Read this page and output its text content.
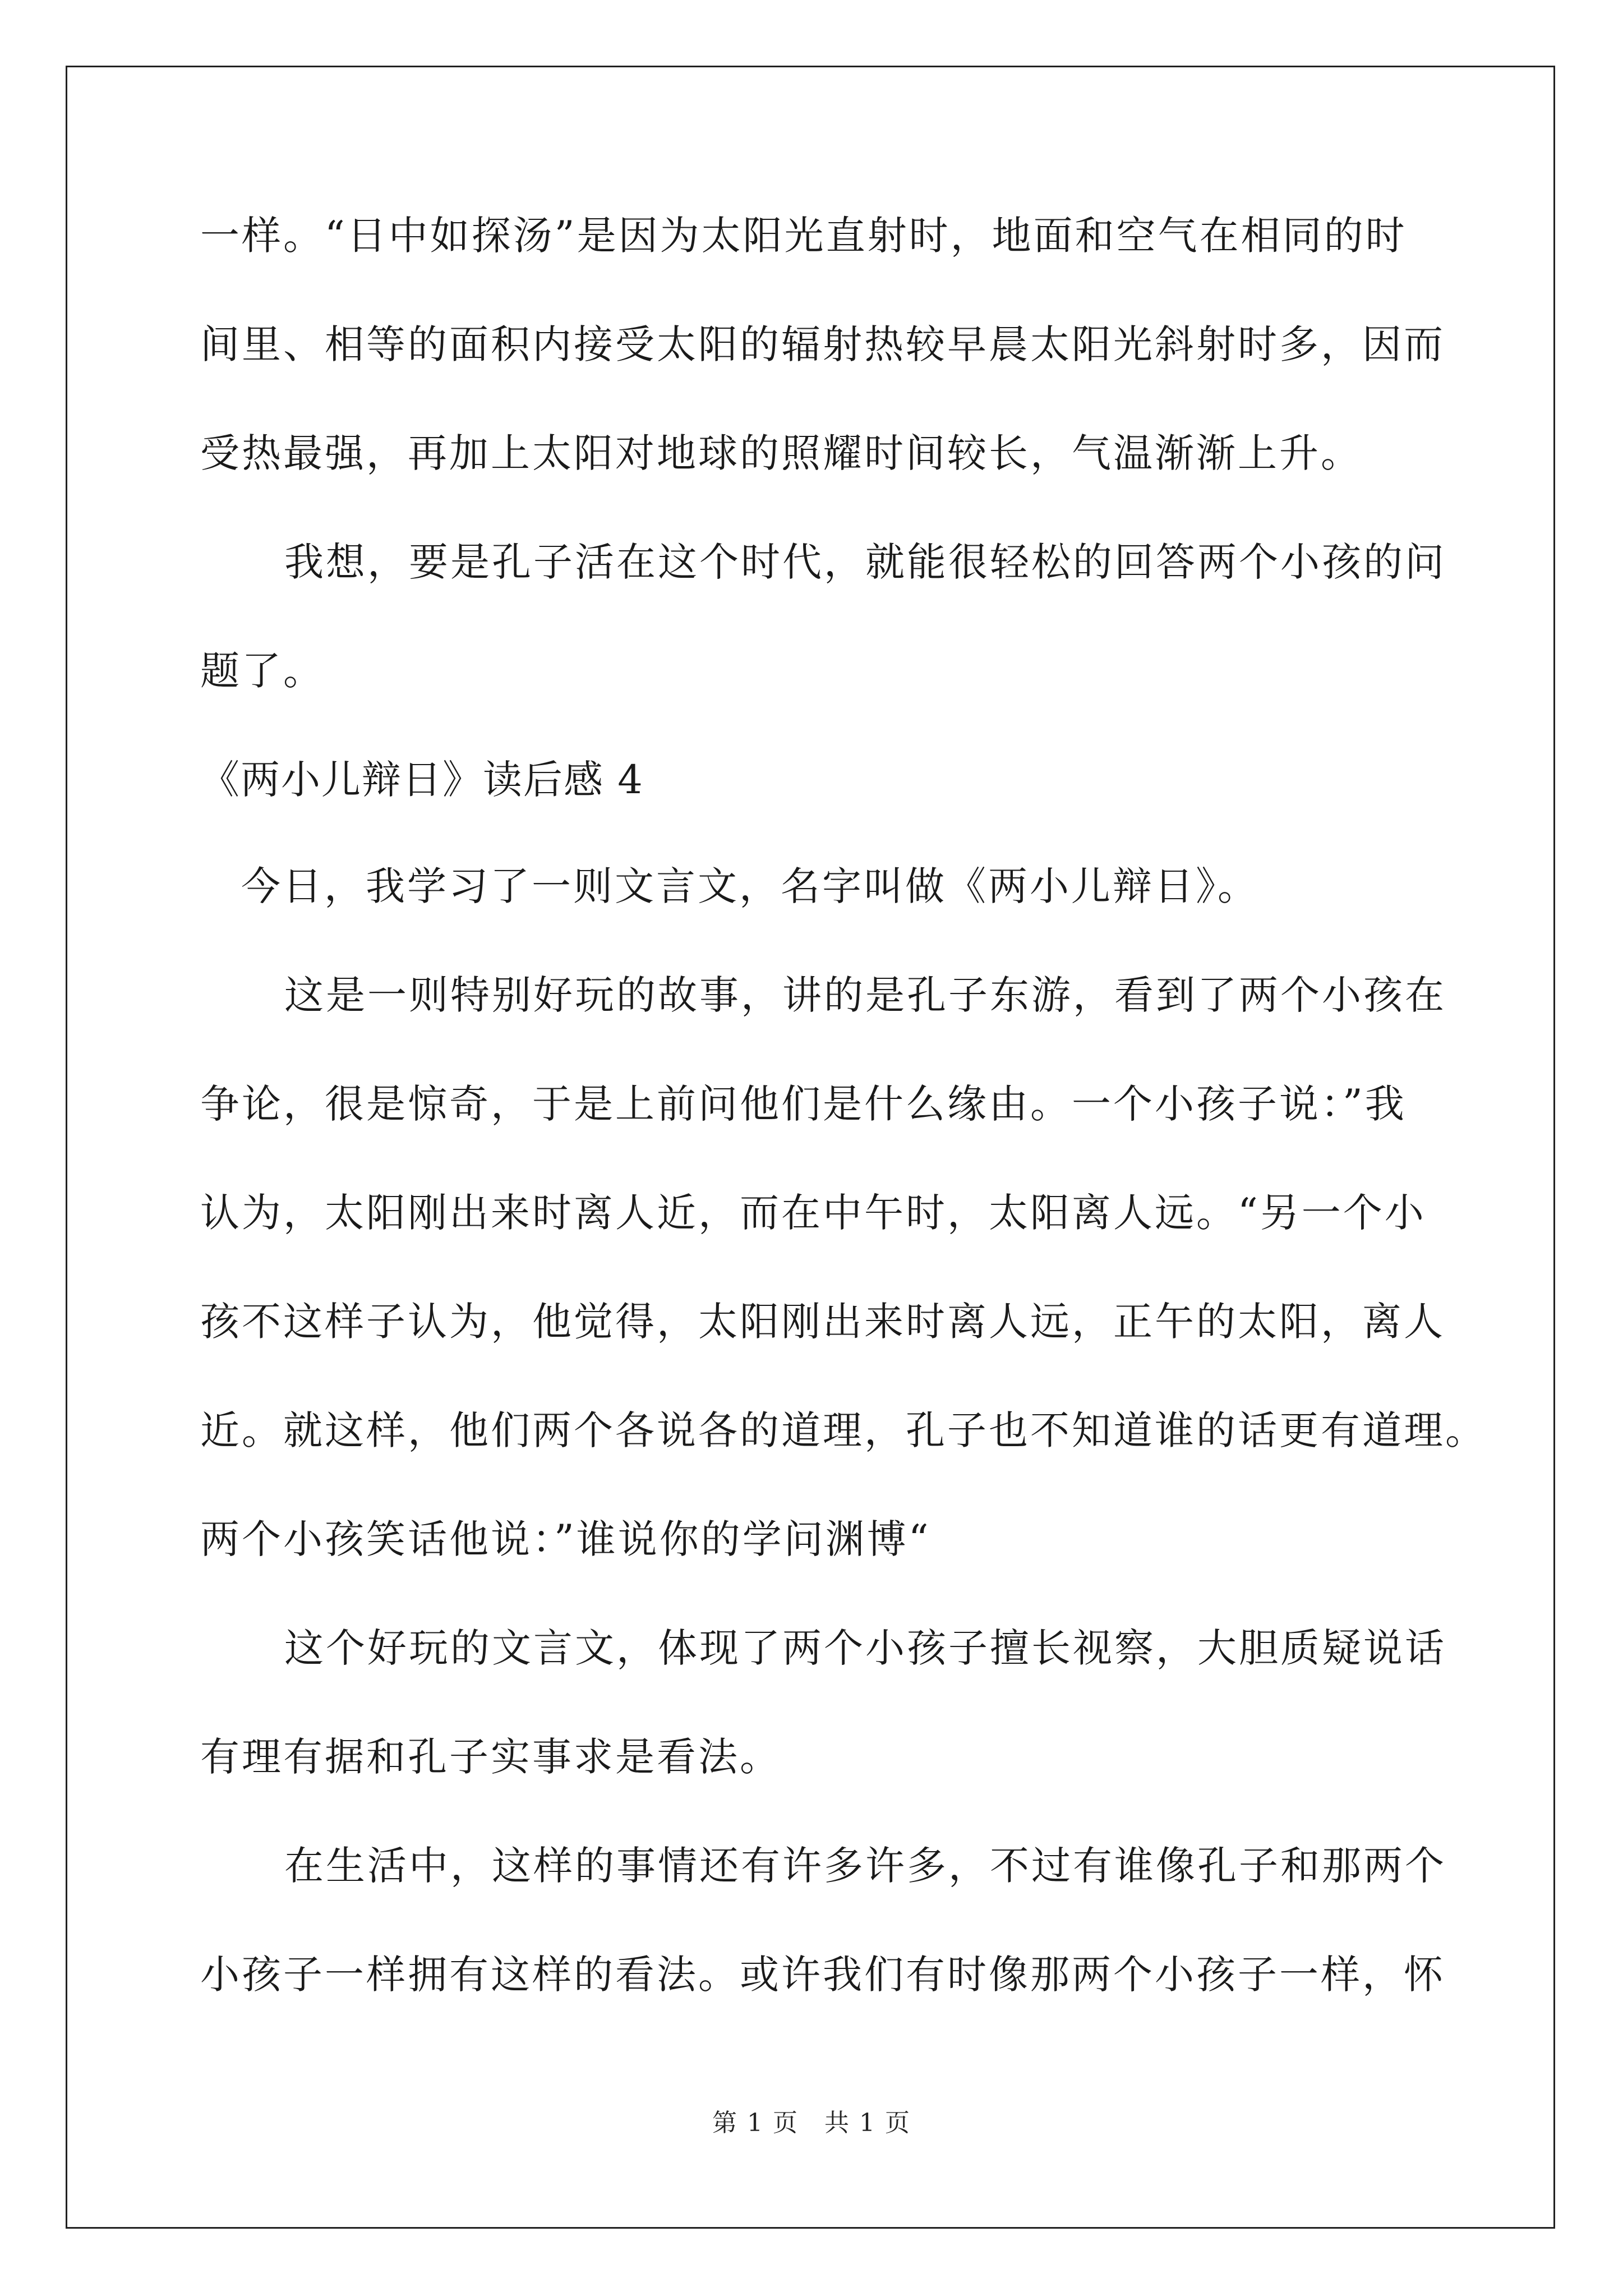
一样。“日中如探汤”是因为太阳光直射时，地面和空气在相同的时
间里、相等的面积内接受太阳的辐射热较早晨太阳光斜射时多，因而
受热最强，再加上太阳对地球的照耀时间较长，气温渐渐上升。
我想，要是孔子活在这个时代，就能很轻松的回答两个小孩的问
题了。
《两小儿辩日》读后感 4
今日，我学习了一则文言文，名字叫做《两小儿辩日》。
这是一则特别好玩的故事，讲的是孔子东游，看到了两个小孩在
争论，很是惊奇，于是上前问他们是什么缘由。一个小孩子说：”我
认为，太阳刚出来时离人近，而在中午时，太阳离人远。“另一个小
孩不这样子认为，他觉得，太阳刚出来时离人远，正午的太阳，离人
近。就这样，他们两个各说各的道理，孔子也不知道谁的话更有道理。
两个小孩笑话他说：”谁说你的学问渊博“
这个好玩的文言文，体现了两个小孩子擅长视察，大胆质疑说话
有理有据和孔子实事求是看法。
在生活中，这样的事情还有许多许多，不过有谁像孔子和那两个
小孩子一样拥有这样的看法。或许我们有时像那两个小孩子一样，怀
第 1 页　共 1 页
